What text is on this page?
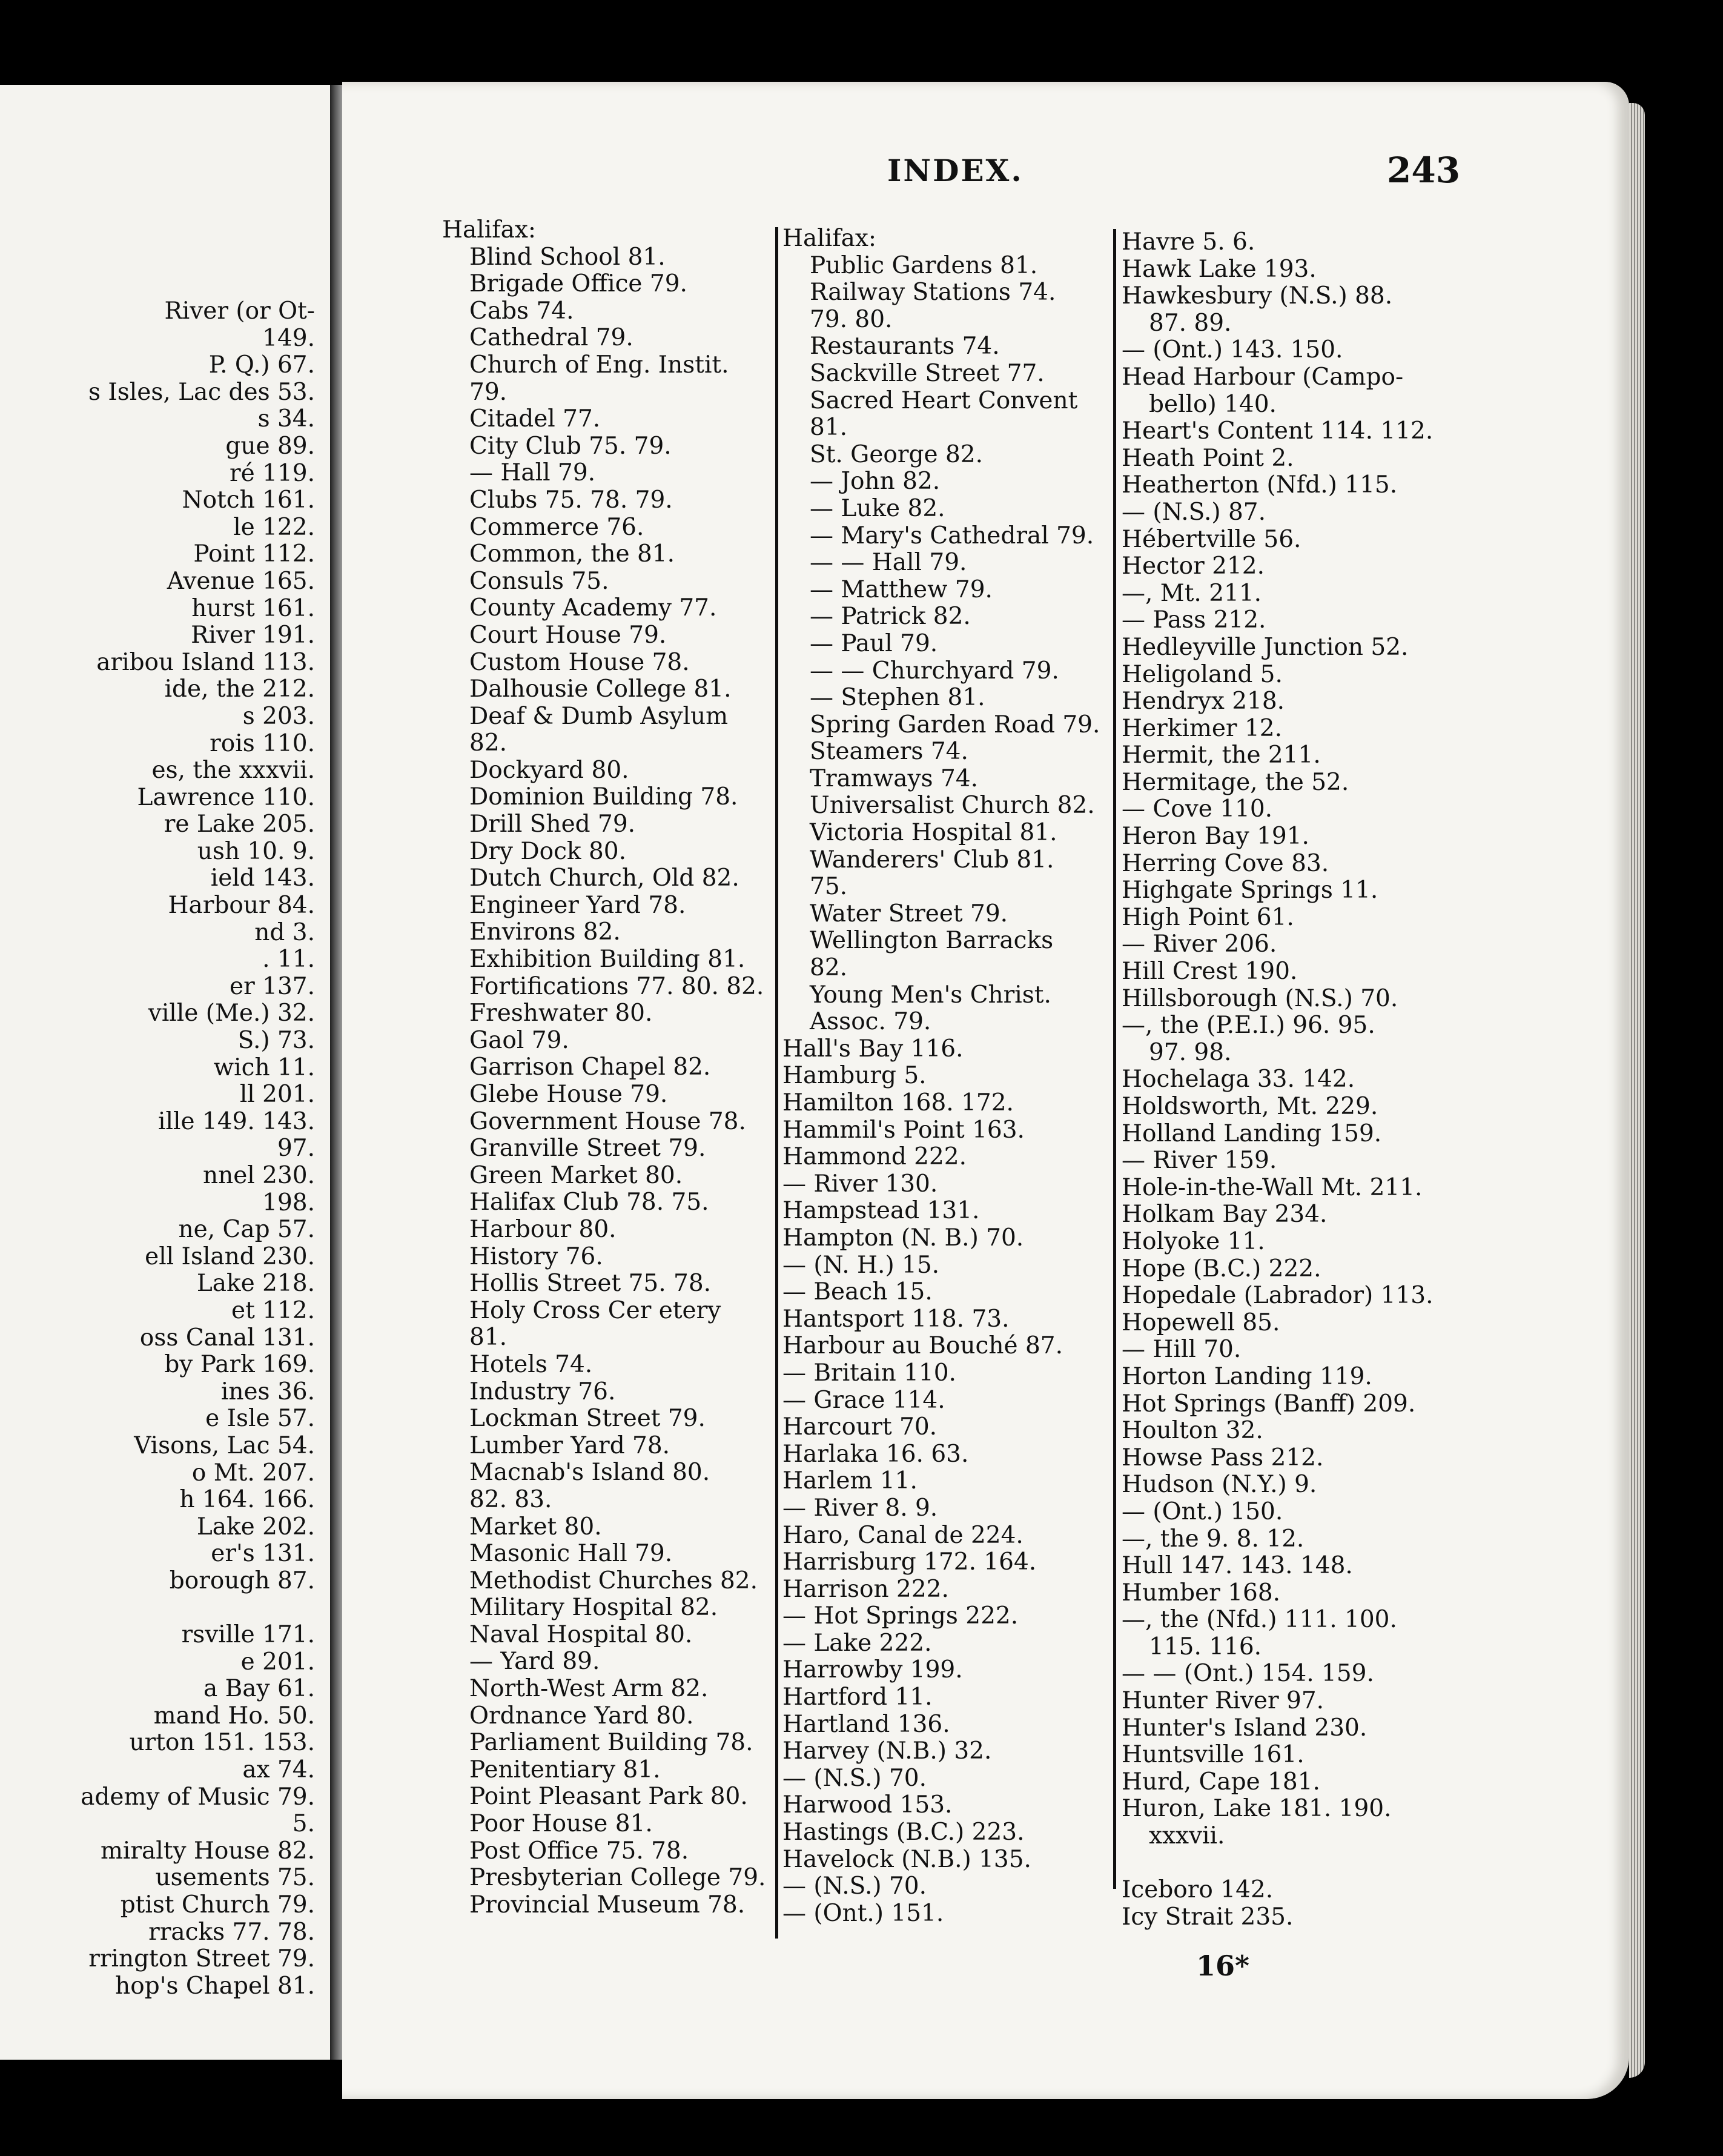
River (or Ot-
149.
P. Q.) 67.
s Isles, Lac des 53.
s 34.
gue 89.
ré 119.
Notch 161.
le 122.
Point 112.
Avenue 165.
hurst 161.
River 191.
aribou Island 113.
ide, the 212.
s 203.
rois 110.
es, the xxxvii.
Lawrence 110.
re Lake 205.
ush 10. 9.
ield 143.
Harbour 84.
nd 3.
. 11.
er 137.
ville (Me.) 32.
S.) 73.
wich 11.
ll 201.
ille 149. 143.
97.
nnel 230.
198.
ne, Cap 57.
ell Island 230.
Lake 218.
et 112.
oss Canal 131.
by Park 169.
ines 36.
e Isle 57.
Visons, Lac 54.
o Mt. 207.
h 164. 166.
Lake 202.
er's 131.
borough 87.
rsville 171.
e 201.
a Bay 61.
mand Ho. 50.
urton 151. 153.
ax 74.
ademy of Music 79.
5.
miralty House 82.
usements 75.
ptist Church 79.
rracks 77. 78.
rrington Street 79.
hop's Chapel 81.
INDEX.	243
Halifax:
Blind School 81.
Brigade Office 79.
Cabs 74.
Cathedral 79.
Church of Eng. Instit.
79.
Citadel 77.
City Club 75. 79.
— Hall 79.
Clubs 75. 78. 79.
Commerce 76.
Common, the 81.
Consuls 75.
County Academy 77.
Court House 79.
Custom House 78.
Dalhousie College 81.
Deaf & Dumb Asylum
82.
Dockyard 80.
Dominion Building 78.
Drill Shed 79.
Dry Dock 80.
Dutch Church, Old 82.
Engineer Yard 78.
Environs 82.
Exhibition Building 81.
Fortifications 77. 80. 82.
Freshwater 80.
Gaol 79.
Garrison Chapel 82.
Glebe House 79.
Government House 78.
Granville Street 79.
Green Market 80.
Halifax Club 78. 75.
Harbour 80.
History 76.
Hollis Street 75. 78.
Holy Cross Cer etery
81.
Hotels 74.
Industry 76.
Lockman Street 79.
Lumber Yard 78.
Macnab's Island 80.
82. 83.
Market 80.
Masonic Hall 79.
Methodist Churches 82.
Military Hospital 82.
Naval Hospital 80.
— Yard 89.
North-West Arm 82.
Ordnance Yard 80.
Parliament Building 78.
Penitentiary 81.
Point Pleasant Park 80.
Poor House 81.
Post Office 75. 78.
Presbyterian College 79.
Provincial Museum 78.
Halifax:
Public Gardens 81.
Railway Stations 74.
79. 80.
Restaurants 74.
Sackville Street 77.
Sacred Heart Convent
81.
St. George 82.
— John 82.
— Luke 82.
— Mary's Cathedral 79.
— — Hall 79.
— Matthew 79.
— Patrick 82.
— Paul 79.
— — Churchyard 79.
— Stephen 81.
Spring Garden Road 79.
Steamers 74.
Tramways 74.
Universalist Church 82.
Victoria Hospital 81.
Wanderers' Club 81.
75.
Water Street 79.
Wellington Barracks
82.
Young Men's Christ.
Assoc. 79.
Hall's Bay 116.
Hamburg 5.
Hamilton 168. 172.
Hammil's Point 163.
Hammond 222.
— River 130.
Hampstead 131.
Hampton (N. B.) 70.
— (N. H.) 15.
— Beach 15.
Hantsport 118. 73.
Harbour au Bouché 87.
— Britain 110.
— Grace 114.
Harcourt 70.
Harlaka 16. 63.
Harlem 11.
— River 8. 9.
Haro, Canal de 224.
Harrisburg 172. 164.
Harrison 222.
— Hot Springs 222.
— Lake 222.
Harrowby 199.
Hartford 11.
Hartland 136.
Harvey (N.B.) 32.
— (N.S.) 70.
Harwood 153.
Hastings (B.C.) 223.
Havelock (N.B.) 135.
— (N.S.) 70.
— (Ont.) 151.
Havre 5. 6.
Hawk Lake 193.
Hawkesbury (N.S.) 88.
87. 89.
— (Ont.) 143. 150.
Head Harbour (Campo-
bello) 140.
Heart's Content 114. 112.
Heath Point 2.
Heatherton (Nfd.) 115.
— (N.S.) 87.
Hébertville 56.
Hector 212.
—, Mt. 211.
— Pass 212.
Hedleyville Junction 52.
Heligoland 5.
Hendryx 218.
Herkimer 12.
Hermit, the 211.
Hermitage, the 52.
— Cove 110.
Heron Bay 191.
Herring Cove 83.
Highgate Springs 11.
High Point 61.
— River 206.
Hill Crest 190.
Hillsborough (N.S.) 70.
—, the (P.E.I.) 96. 95.
97. 98.
Hochelaga 33. 142.
Holdsworth, Mt. 229.
Holland Landing 159.
— River 159.
Hole-in-the-Wall Mt. 211.
Holkam Bay 234.
Holyoke 11.
Hope (B.C.) 222.
Hopedale (Labrador) 113.
Hopewell 85.
— Hill 70.
Horton Landing 119.
Hot Springs (Banff) 209.
Houlton 32.
Howse Pass 212.
Hudson (N.Y.) 9.
— (Ont.) 150.
—, the 9. 8. 12.
Hull 147. 143. 148.
Humber 168.
—, the (Nfd.) 111. 100.
115. 116.
— — (Ont.) 154. 159.
Hunter River 97.
Hunter's Island 230.
Huntsville 161.
Hurd, Cape 181.
Huron, Lake 181. 190.
xxxvii.
Iceboro 142.
Icy Strait 235.
16*
